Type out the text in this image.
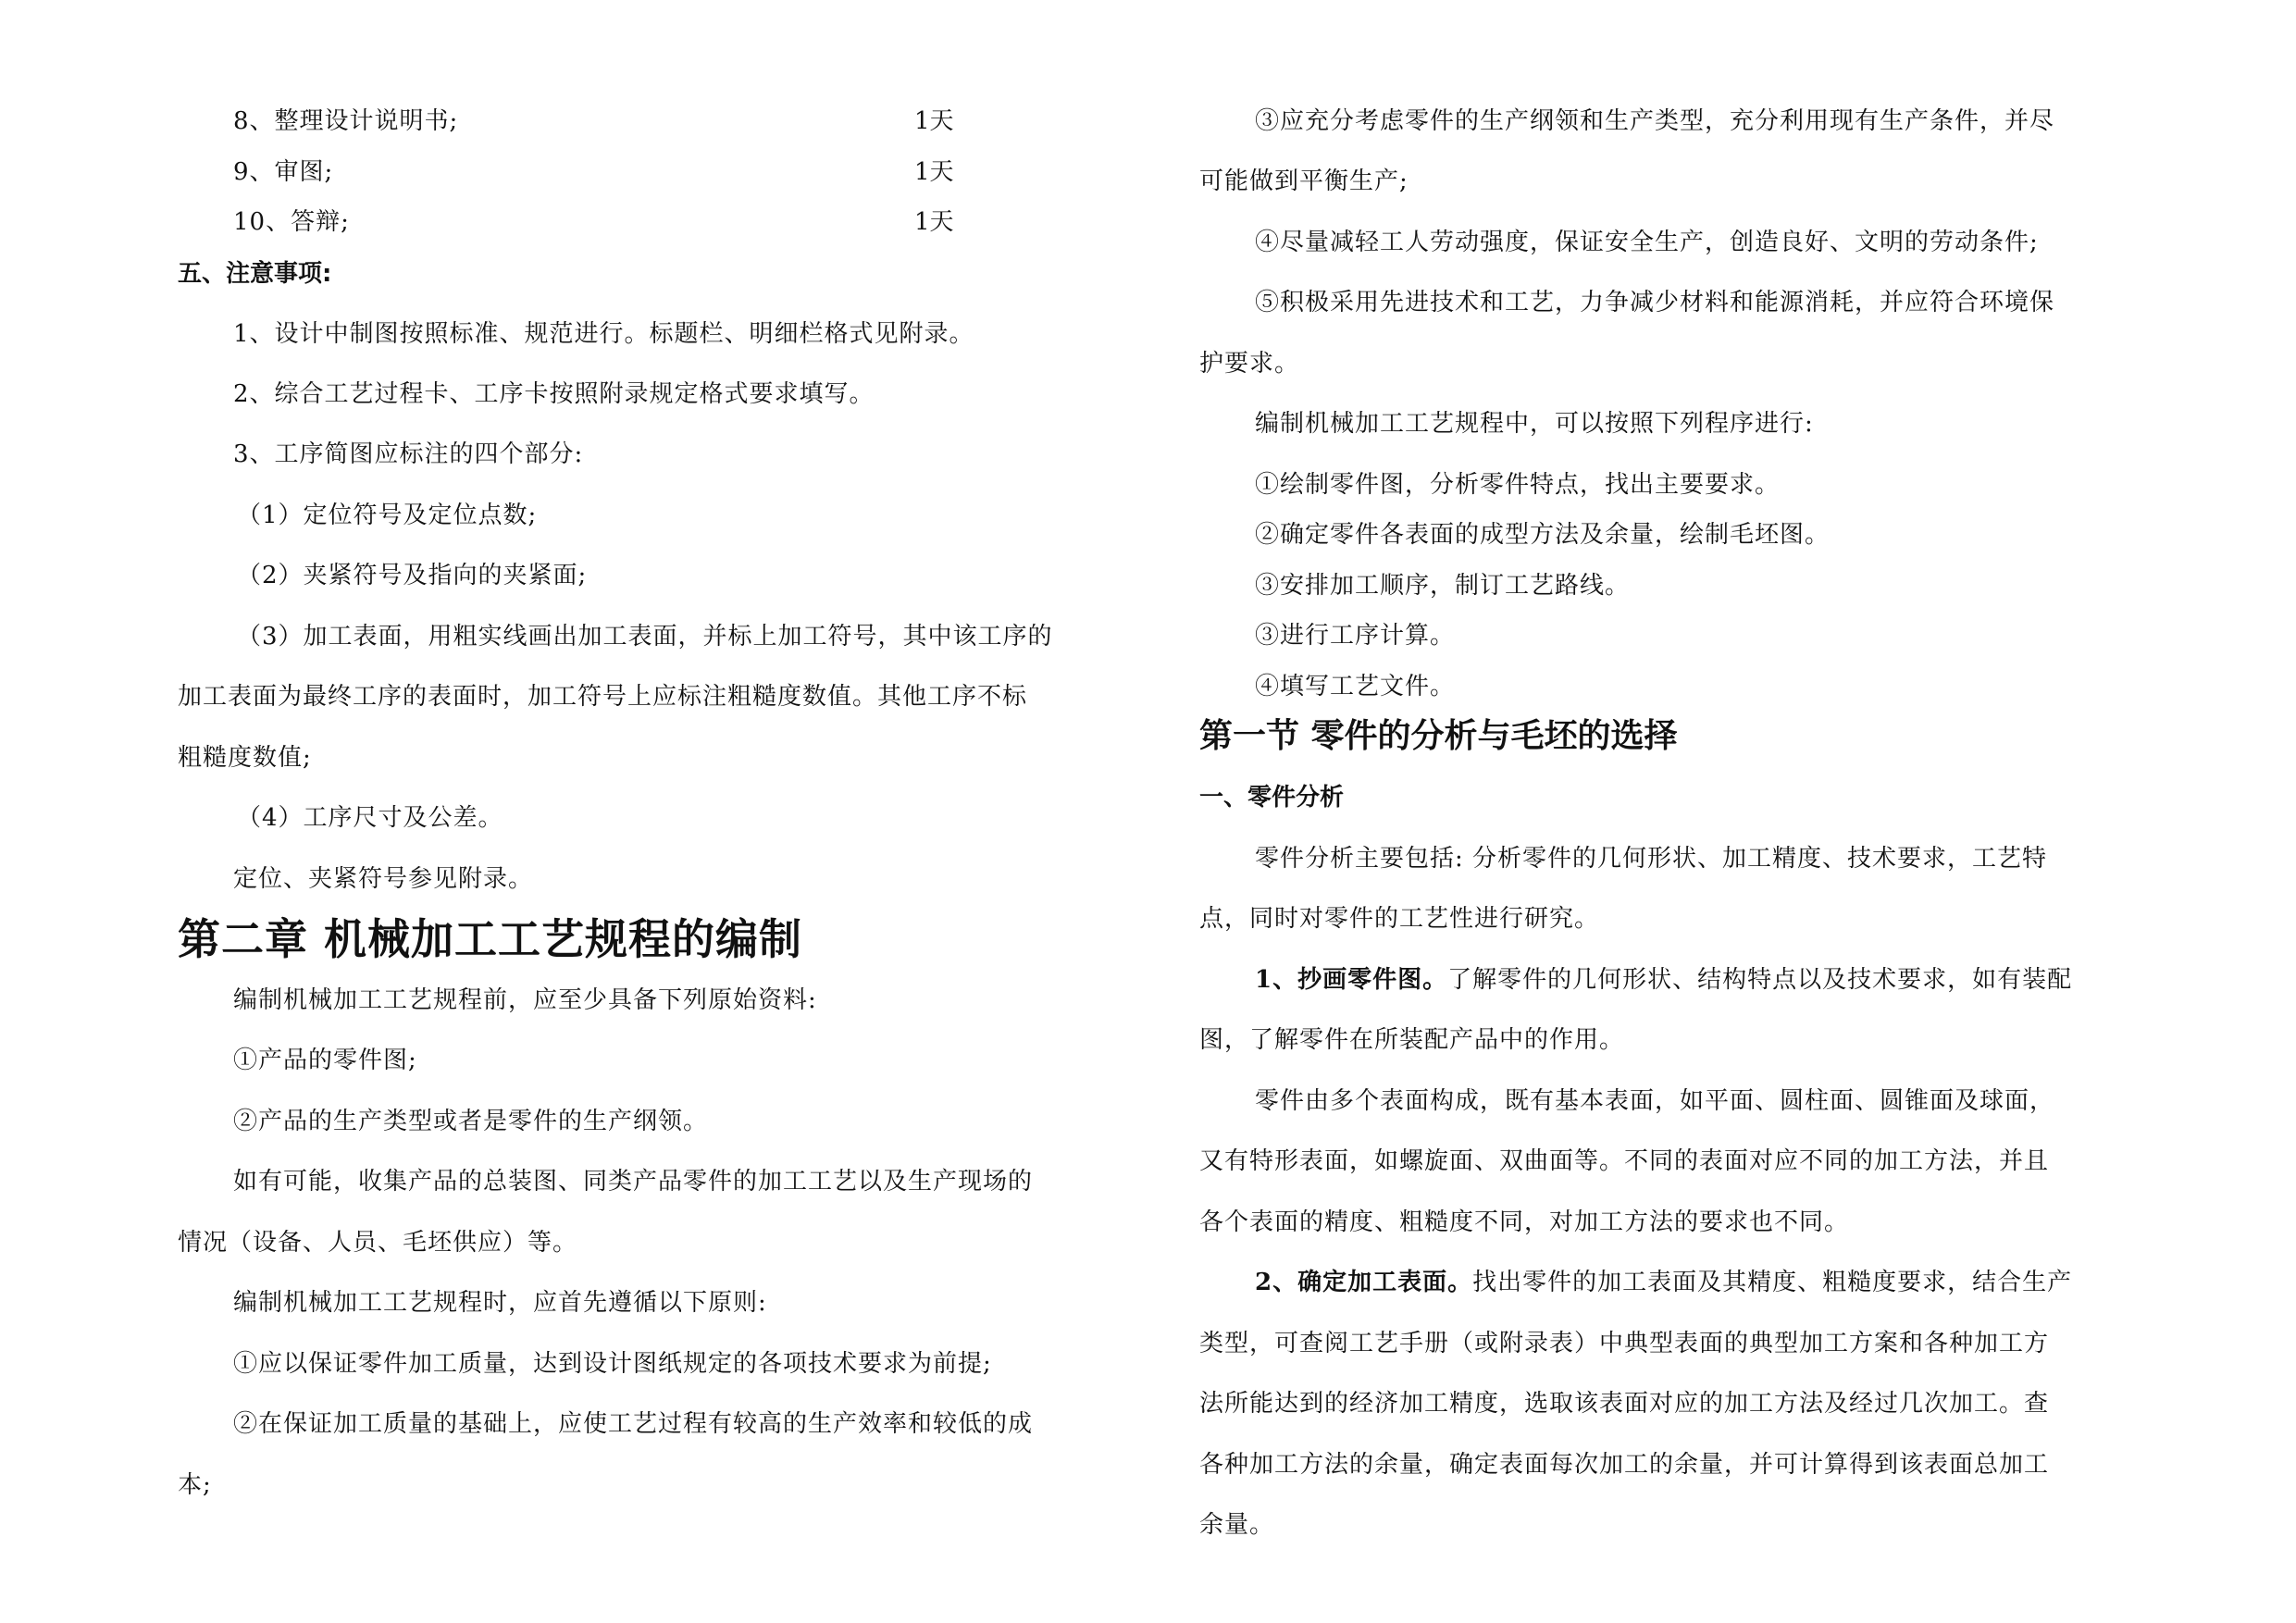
8、整理设计说明书;	1天
9、审图;	1天
10、答辩;	1天
五、注意事项:
1、设计中制图按照标准、规范进行。标题栏、明细栏格式见附录。
2、综合工艺过程卡、工序卡按照附录规定格式要求填写。
3、工序简图应标注的四个部分:
（1）定位符号及定位点数;
（2）夹紧符号及指向的夹紧面;
（3）加工表面，用粗实线画出加工表面，并标上加工符号，其中该工序的
加工表面为最终工序的表面时，加工符号上应标注粗糙度数值。其他工序不标
粗糙度数值;
（4）工序尺寸及公差。
定位、夹紧符号参见附录。
第二章 机械加工工艺规程的编制
编制机械加工工艺规程前，应至少具备下列原始资料:
①产品的零件图;
②产品的生产类型或者是零件的生产纲领。
如有可能，收集产品的总装图、同类产品零件的加工工艺以及生产现场的
情况（设备、人员、毛坯供应）等。
编制机械加工工艺规程时，应首先遵循以下原则:
①应以保证零件加工质量，达到设计图纸规定的各项技术要求为前提;
②在保证加工质量的基础上，应使工艺过程有较高的生产效率和较低的成
本;
③应充分考虑零件的生产纲领和生产类型，充分利用现有生产条件，并尽
可能做到平衡生产;
④尽量减轻工人劳动强度，保证安全生产，创造良好、文明的劳动条件;
⑤积极采用先进技术和工艺，力争减少材料和能源消耗，并应符合环境保
护要求。
编制机械加工工艺规程中，可以按照下列程序进行:
①绘制零件图，分析零件特点，找出主要要求。
②确定零件各表面的成型方法及余量，绘制毛坯图。
③安排加工顺序，制订工艺路线。
③进行工序计算。
④填写工艺文件。
第一节 零件的分析与毛坯的选择
一、零件分析
零件分析主要包括: 分析零件的几何形状、加工精度、技术要求，工艺特
点，同时对零件的工艺性进行研究。
1、抄画零件图。了解零件的几何形状、结构特点以及技术要求，如有装配
图，了解零件在所装配产品中的作用。
零件由多个表面构成，既有基本表面，如平面、圆柱面、圆锥面及球面，
又有特形表面，如螺旋面、双曲面等。不同的表面对应不同的加工方法，并且
各个表面的精度、粗糙度不同，对加工方法的要求也不同。
2、确定加工表面。找出零件的加工表面及其精度、粗糙度要求，结合生产
类型，可查阅工艺手册（或附录表）中典型表面的典型加工方案和各种加工方
法所能达到的经济加工精度，选取该表面对应的加工方法及经过几次加工。查
各种加工方法的余量，确定表面每次加工的余量，并可计算得到该表面总加工
余量。
